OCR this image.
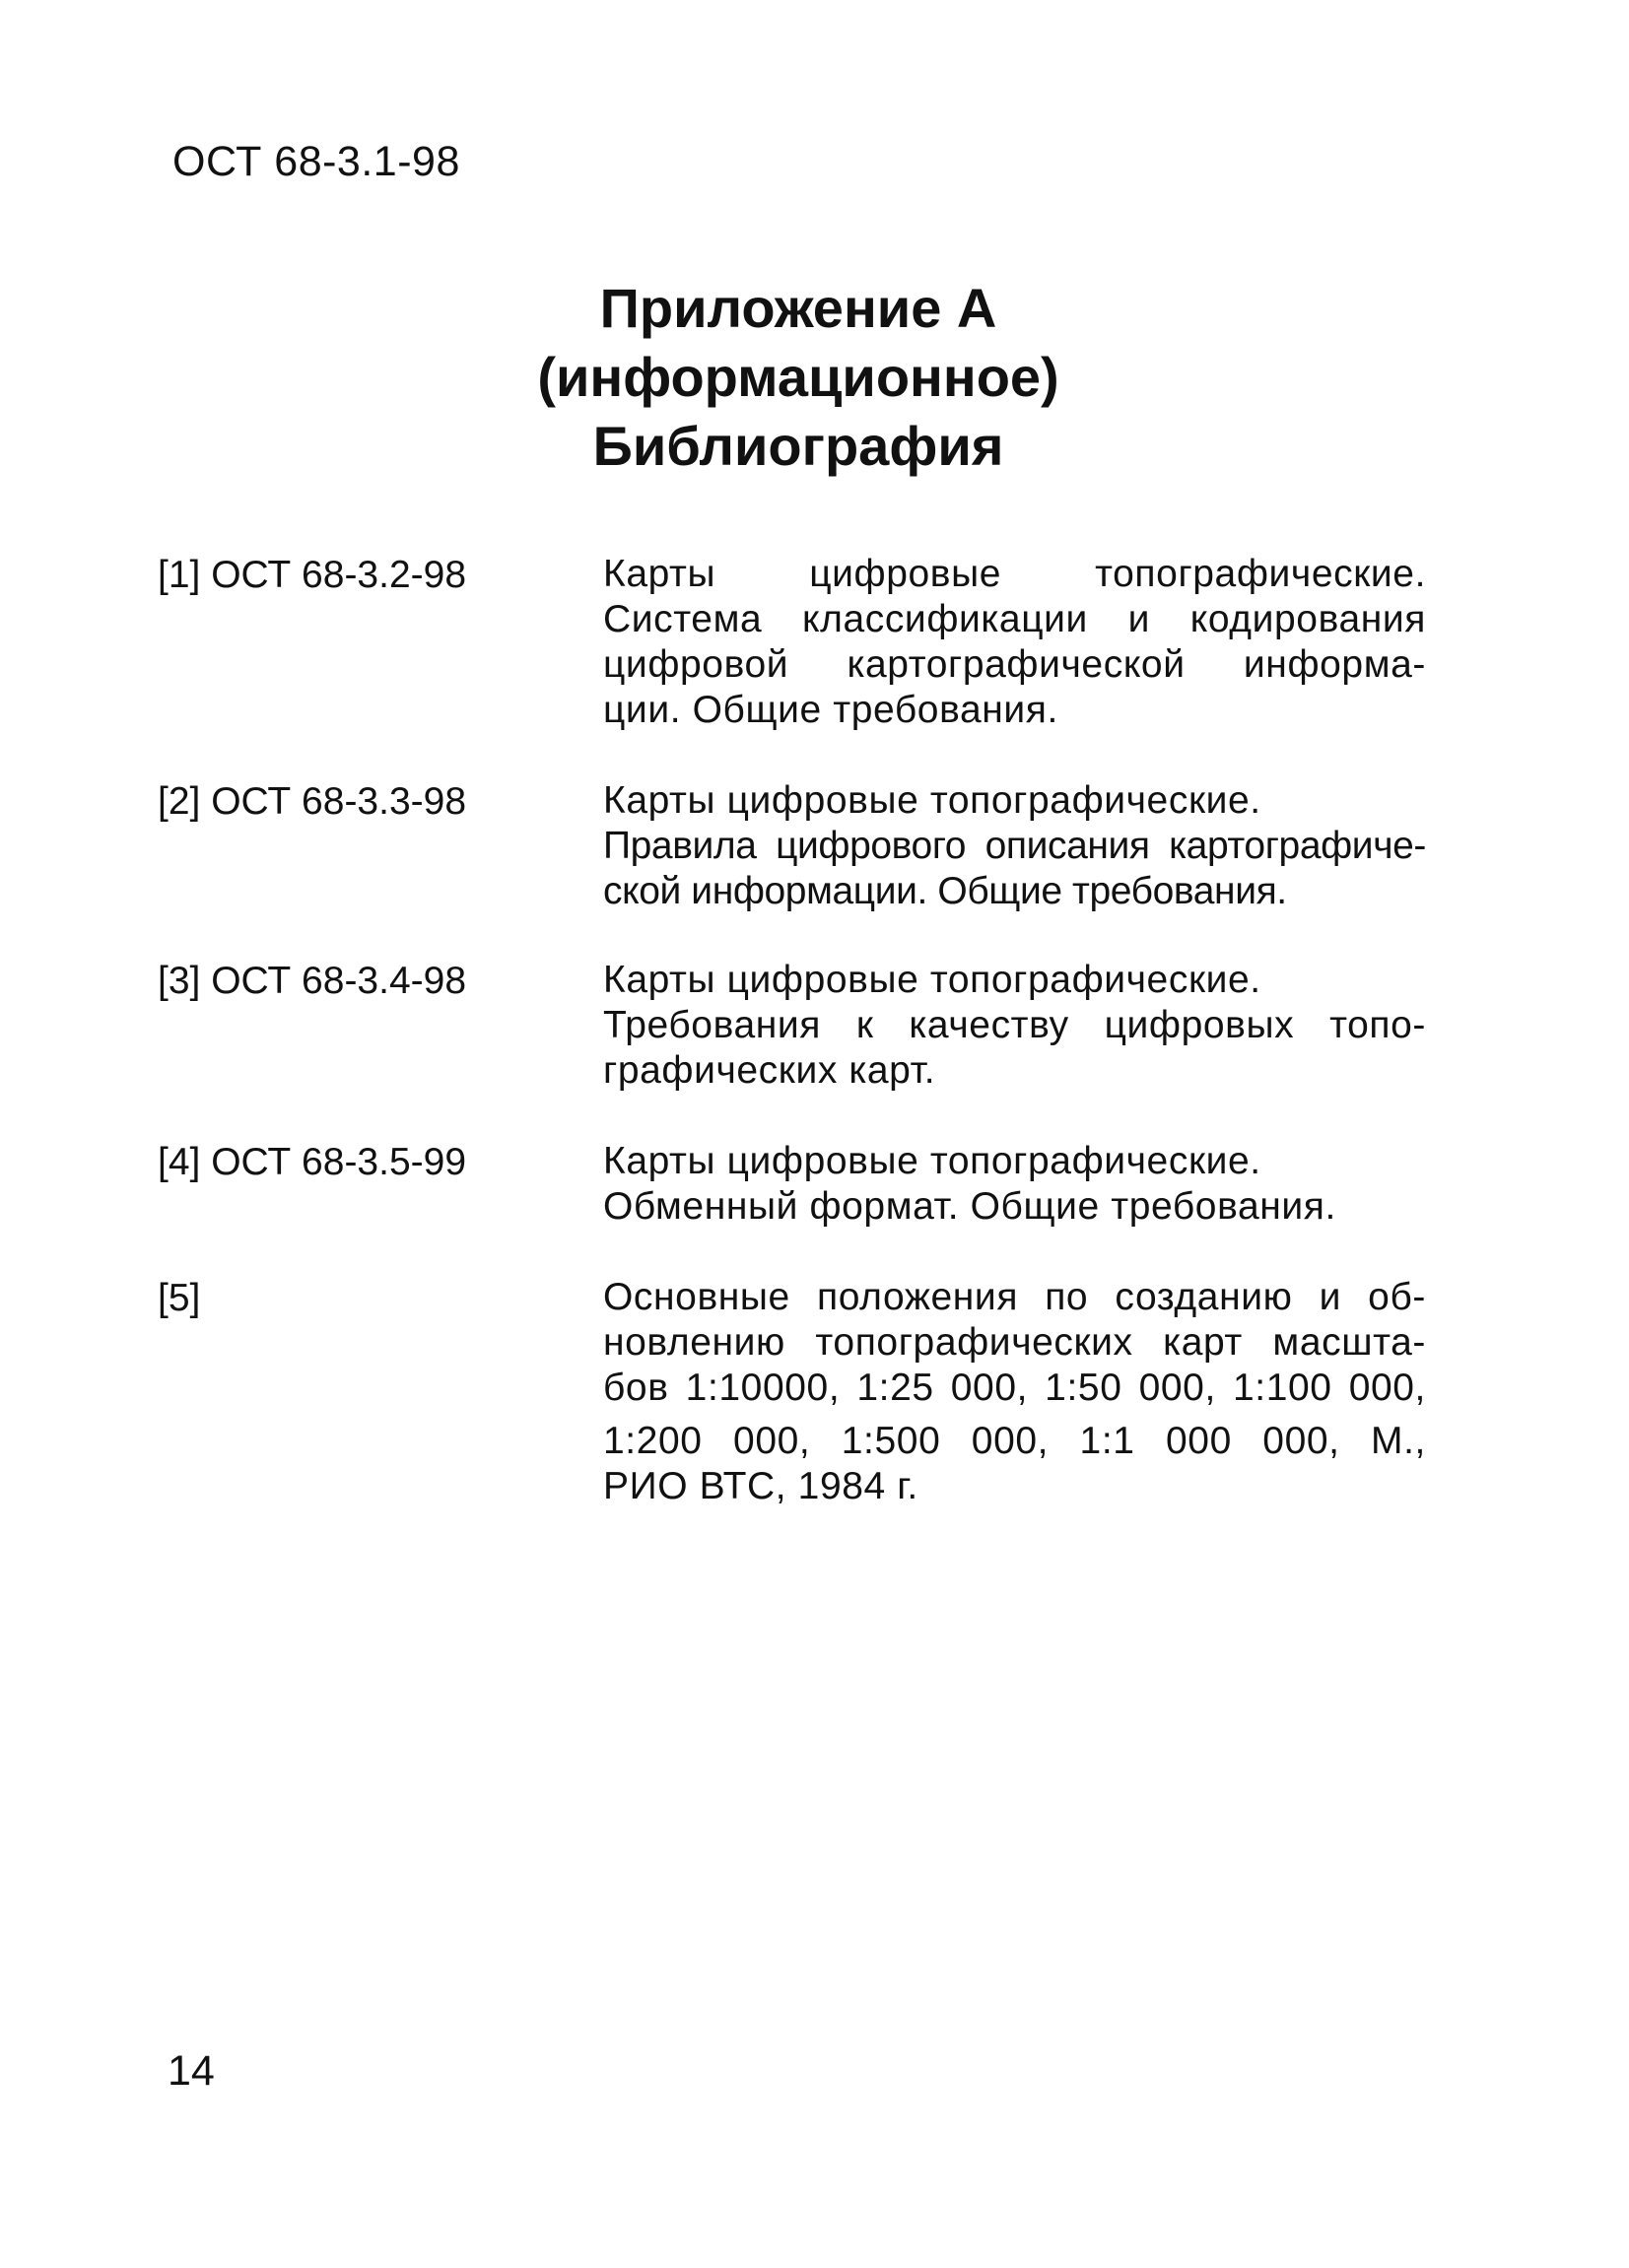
ОСТ 68-3.1-98
Приложение А
(информационное)
Библиография
[1] ОСТ 68-3.2-98	Карты цифровые топографические.
Система классификации и кодирования
цифровой картографической информа-
ции. Общие требования.
[2] ОСТ 68-3.3-98	Карты цифровые топографические.
Правила цифрового описания картографиче-
ской информации. Общие требования.
[3] ОСТ 68-3.4-98	Карты цифровые топографические.
Требования к качеству цифровых топо-
графических карт.
[4] ОСТ 68-3.5-99	Карты цифровые топографические.
Обменный формат. Общие требования.
[5]	Основные положения по созданию и об-
новлению топографических карт масшта-
бов 1:10000, 1:25 000, 1:50 000, 1:100 000,
1:200 000, 1:500 000, 1:1 000 000, М.,
РИО ВТС, 1984 г.
14
